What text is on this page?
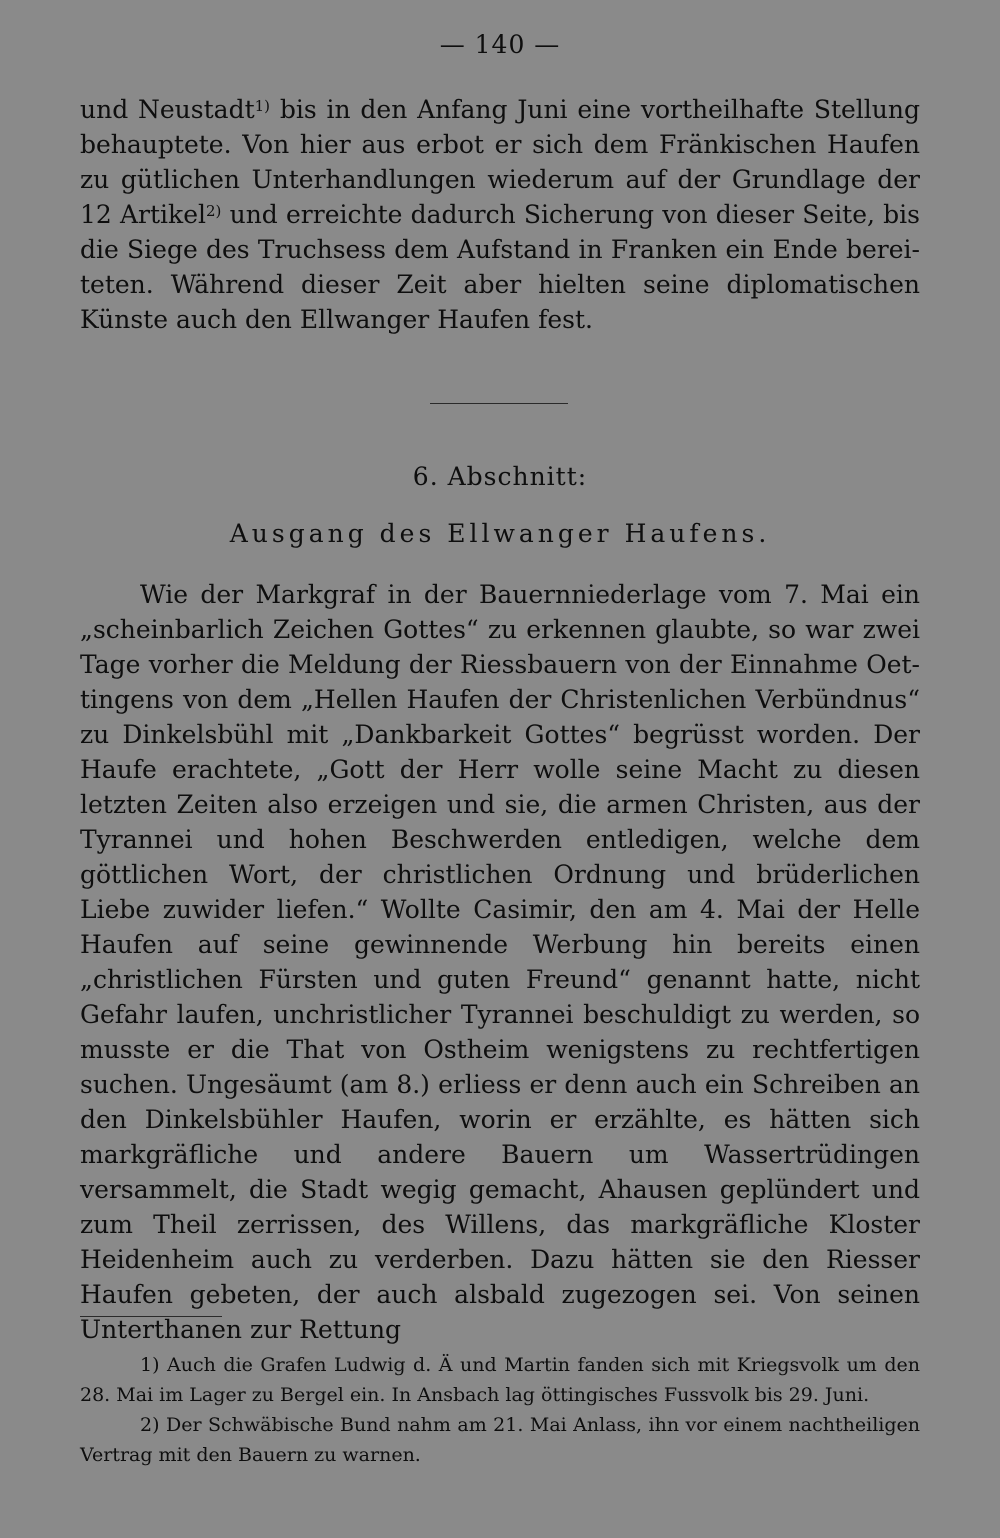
— 140 —

und Neustadt$^{1)}$ bis in den Anfang Juni eine vortheilhafte Stellung behauptete. Von hier aus erbot er sich dem Fränkischen Haufen zu gütlichen Unterhandlungen wiederum auf der Grundlage der 12 Artikel$^{2)}$ und erreichte dadurch Sicherung von dieser Seite, bis die Siege des Truchsess dem Aufstand in Franken ein Ende bereiteten. Während dieser Zeit aber hielten seine diplomatischen Künste auch den Ellwanger Haufen fest.

6. Abschnitt:

Ausgang des Ellwanger Haufens.

Wie der Markgraf in der Bauernniederlage vom 7. Mai ein „scheinbarlich Zeichen Gottes“ zu erkennen glaubte, so war zwei Tage vorher die Meldung der Riessbauern von der Einnahme Oettingens von dem „Hellen Haufen der Christenlichen Verbündnus“ zu Dinkelsbühl mit „Dankbarkeit Gottes“ begrüsst worden. Der Haufe erachtete, „Gott der Herr wolle seine Macht zu diesen letzten Zeiten also erzeigen und sie, die armen Christen, aus der Tyrannei und hohen Beschwerden entledigen, welche dem göttlichen Wort, der christlichen Ordnung und brüderlichen Liebe zuwider liefen.“ Wollte Casimir, den am 4. Mai der Helle Haufen auf seine gewinnende Werbung hin bereits einen „christlichen Fürsten und guten Freund“ genannt hatte, nicht Gefahr laufen, unchristlicher Tyrannei beschuldigt zu werden, so musste er die That von Ostheim wenigstens zu rechtfertigen suchen. Ungesäumt (am 8.) erliess er denn auch ein Schreiben an den Dinkelsbühler Haufen, worin er erzählte, es hätten sich markgräfliche und andere Bauern um Wassertrüdingen versammelt, die Stadt wegig gemacht, Ahausen geplündert und zum Theil zerrissen, des Willens, das markgräfliche Kloster Heidenheim auch zu verderben. Dazu hätten sie den Riesser Haufen gebeten, der auch alsbald zugezogen sei. Von seinen Unterthanen zur Rettung

1) Auch die Grafen Ludwig d. Ä und Martin fanden sich mit Kriegsvolk um den 28. Mai im Lager zu Bergel ein. In Ansbach lag öttingisches Fussvolk bis 29. Juni.
2) Der Schwäbische Bund nahm am 21. Mai Anlass, ihn vor einem nachtheiligen Vertrag mit den Bauern zu warnen.
